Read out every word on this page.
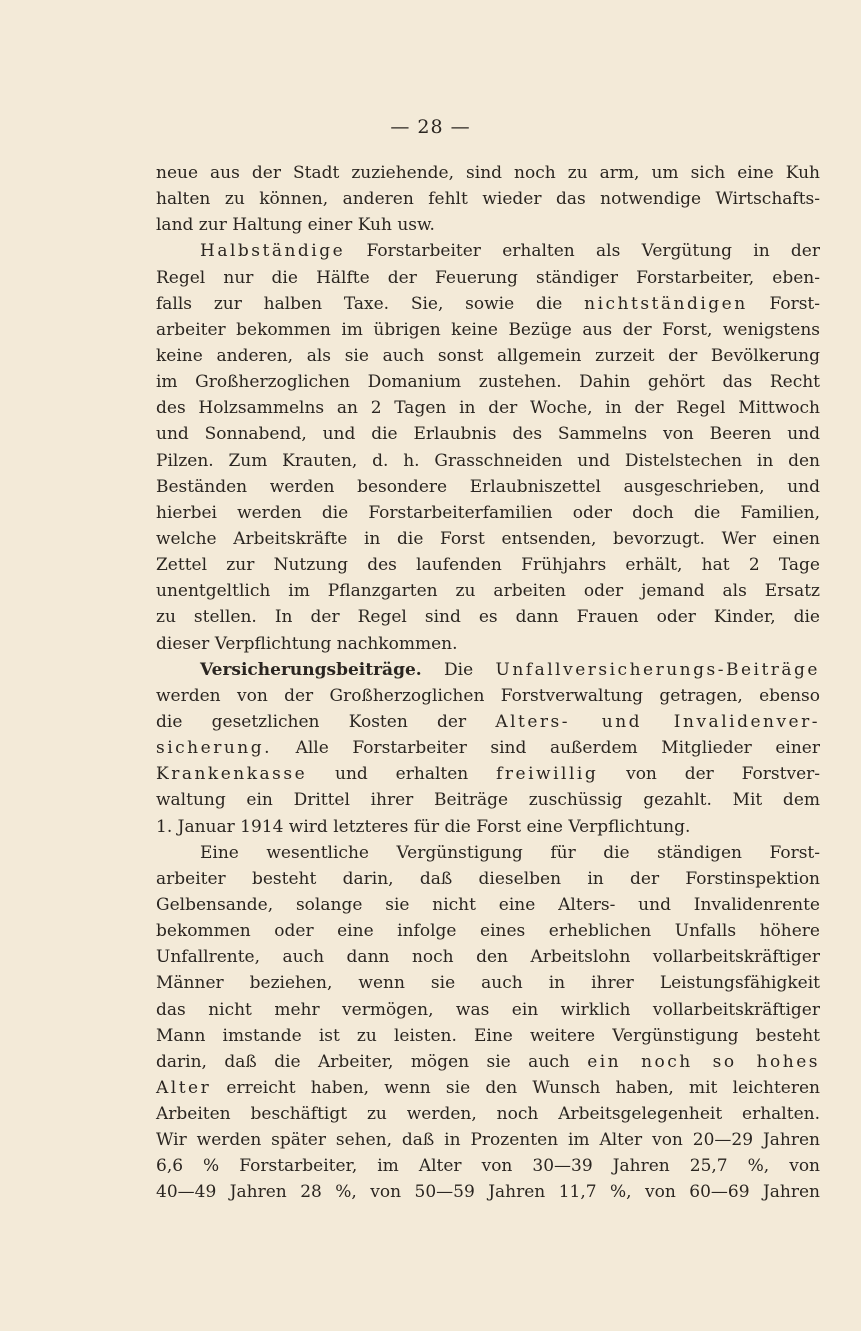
— 28 —
neue aus der Stadt zuziehende, sind noch zu arm, um sich eine Kuh
halten zu können, anderen fehlt wieder das notwendige Wirtschafts-
land zur Haltung einer Kuh usw.
Halbständige Forstarbeiter erhalten als Vergütung in der
Regel nur die Hälfte der Feuerung ständiger Forstarbeiter, eben-
falls zur halben Taxe. Sie, sowie die nichtständigen Forst-
arbeiter bekommen im übrigen keine Bezüge aus der Forst, wenigstens
keine anderen, als sie auch sonst allgemein zurzeit der Bevölkerung
im Großherzoglichen Domanium zustehen. Dahin gehört das Recht
des Holzsammelns an 2 Tagen in der Woche, in der Regel Mittwoch
und Sonnabend, und die Erlaubnis des Sammelns von Beeren und
Pilzen. Zum Krauten, d. h. Grasschneiden und Distelstechen in den
Beständen werden besondere Erlaubniszettel ausgeschrieben, und
hierbei werden die Forstarbeiterfamilien oder doch die Familien,
welche Arbeitskräfte in die Forst entsenden, bevorzugt. Wer einen
Zettel zur Nutzung des laufenden Frühjahrs erhält, hat 2 Tage
unentgeltlich im Pflanzgarten zu arbeiten oder jemand als Ersatz
zu stellen. In der Regel sind es dann Frauen oder Kinder, die
dieser Verpflichtung nachkommen.
Versicherungsbeiträge. Die Unfallversicherungs-Beiträge
werden von der Großherzoglichen Forstverwaltung getragen, ebenso
die gesetzlichen Kosten der Alters- und Invalidenver-
sicherung. Alle Forstarbeiter sind außerdem Mitglieder einer
Krankenkasse und erhalten freiwillig von der Forstver-
waltung ein Drittel ihrer Beiträge zuschüssig gezahlt. Mit dem
1. Januar 1914 wird letzteres für die Forst eine Verpflichtung.
Eine wesentliche Vergünstigung für die ständigen Forst-
arbeiter besteht darin, daß dieselben in der Forstinspektion
Gelbensande, solange sie nicht eine Alters- und Invalidenrente
bekommen oder eine infolge eines erheblichen Unfalls höhere
Unfallrente, auch dann noch den Arbeitslohn vollarbeitskräftiger
Männer beziehen, wenn sie auch in ihrer Leistungsfähigkeit
das nicht mehr vermögen, was ein wirklich vollarbeitskräftiger
Mann imstande ist zu leisten. Eine weitere Vergünstigung besteht
darin, daß die Arbeiter, mögen sie auch ein noch so hohes
Alter erreicht haben, wenn sie den Wunsch haben, mit leichteren
Arbeiten beschäftigt zu werden, noch Arbeitsgelegenheit erhalten.
Wir werden später sehen, daß in Prozenten im Alter von 20—29 Jahren
6,6 % Forstarbeiter, im Alter von 30—39 Jahren 25,7 %, von
40—49 Jahren 28 %, von 50—59 Jahren 11,7 %, von 60—69 Jahren
